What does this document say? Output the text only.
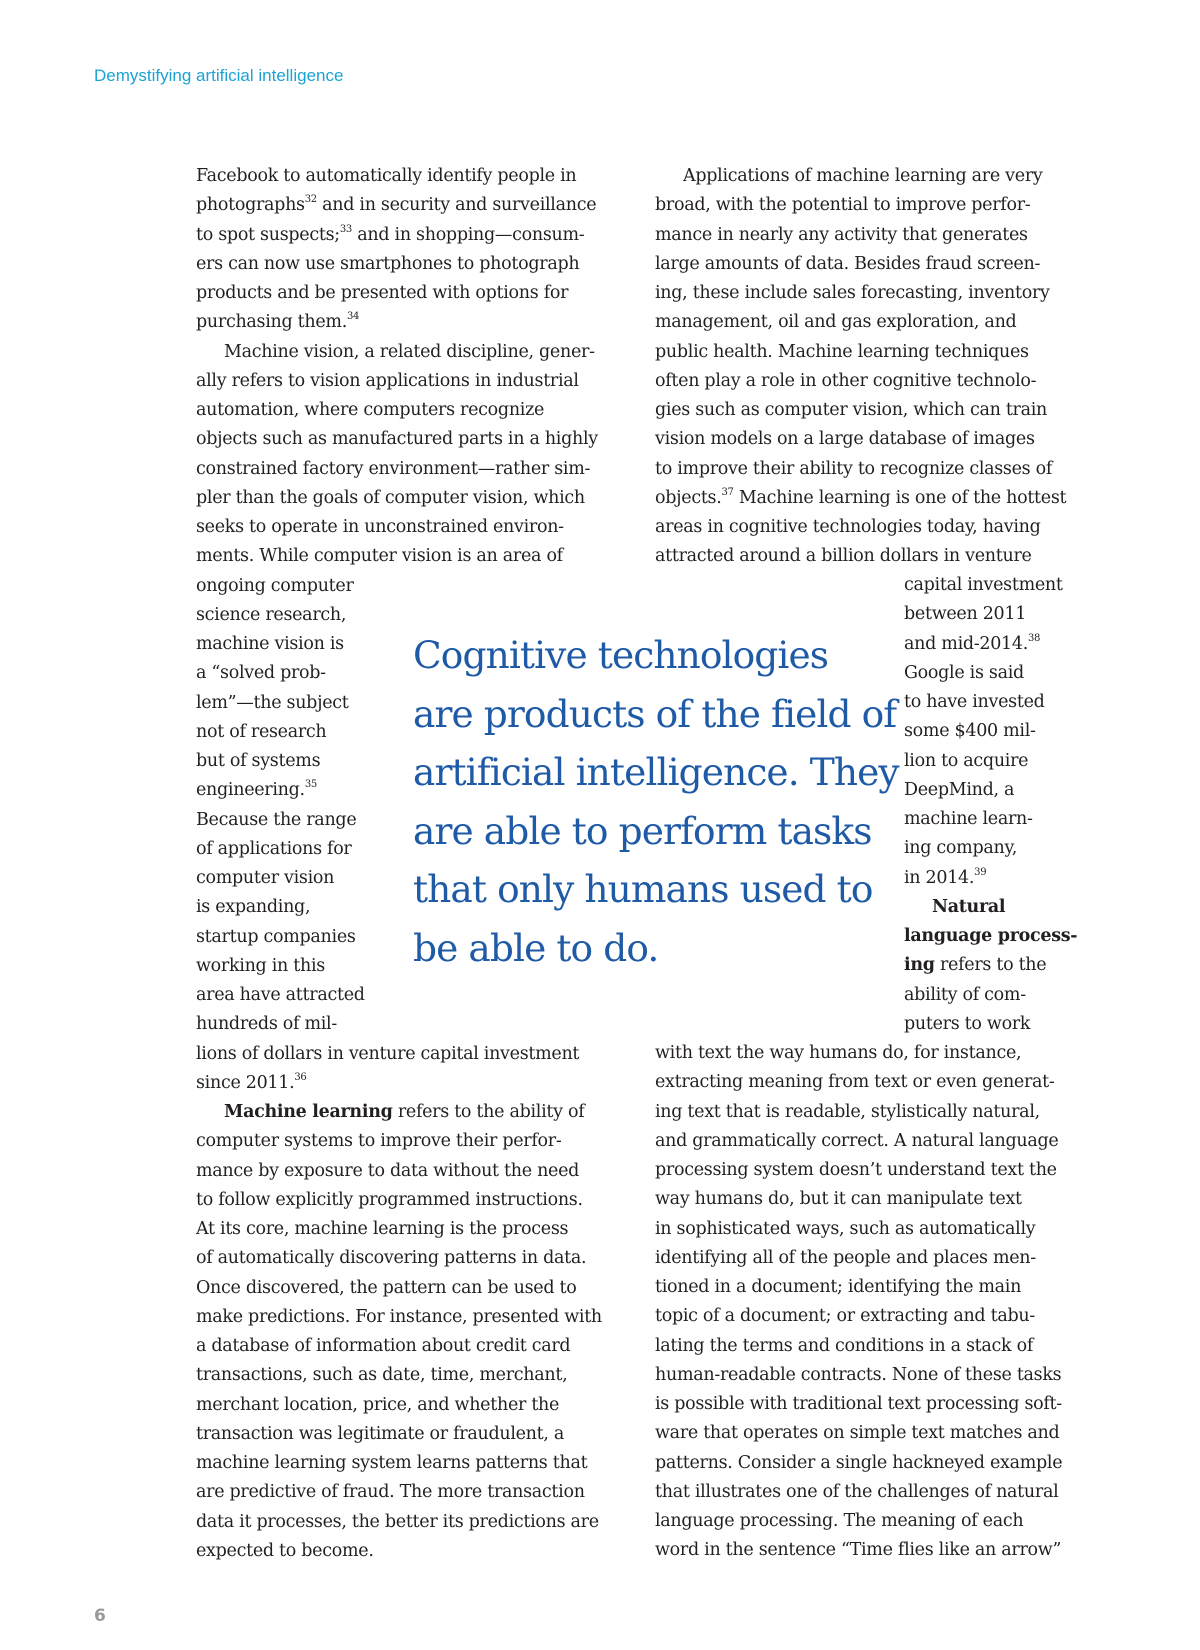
Demystifying artificial intelligence
Facebook to automatically identify people in
photographs$^{32}$ and in security and surveillance
to spot suspects;$^{33}$ and in shopping—consum-
ers can now use smartphones to photograph
products and be presented with options for
purchasing them.$^{34}$
Machine vision, a related discipline, gener-
ally refers to vision applications in industrial
automation, where computers recognize
objects such as manufactured parts in a highly
constrained factory environment—rather sim-
pler than the goals of computer vision, which
seeks to operate in unconstrained environ-
ments. While computer vision is an area of
ongoing computer
science research,
machine vision is
a “solved prob-
lem”—the subject
not of research
but of systems
engineering.$^{35}$
Because the range
of applications for
computer vision
is expanding,
startup companies
working in this
area have attracted
hundreds of mil-
lions of dollars in venture capital investment
since 2011.36
Machine learning refers to the ability of
computer systems to improve their perfor-
mance by exposure to data without the need
to follow explicitly programmed instructions.
At its core, machine learning is the process
of automatically discovering patterns in data.
Once discovered, the pattern can be used to
make predictions. For instance, presented with
a database of information about credit card
transactions, such as date, time, merchant,
merchant location, price, and whether the
transaction was legitimate or fraudulent, a
machine learning system learns patterns that
are predictive of fraud. The more transaction
data it processes, the better its predictions are
expected to become.
Applications of machine learning are very
broad, with the potential to improve perfor-
mance in nearly any activity that generates
large amounts of data. Besides fraud screen-
ing, these include sales forecasting, inventory
management, oil and gas exploration, and
public health. Machine learning techniques
often play a role in other cognitive technolo-
gies such as computer vision, which can train
vision models on a large database of images
to improve their ability to recognize classes of
objects.$^{37}$ Machine learning is one of the hottest
areas in cognitive technologies today, having
attracted around a billion dollars in venture
capital investment
between 2011
and mid-2014.38
Google is said
to have invested
some $400 mil-
lion to acquire
DeepMind, a
machine learn-
ing company,
in 2014.39
Natural
language process-
ing refers to the
ability of com-
puters to work
with text the way humans do, for instance,
extracting meaning from text or even generat-
ing text that is readable, stylistically natural,
and grammatically correct. A natural language
processing system doesn’t understand text the
way humans do, but it can manipulate text
in sophisticated ways, such as automatically
identifying all of the people and places men-
tioned in a document; identifying the main
topic of a document; or extracting and tabu-
lating the terms and conditions in a stack of
human-readable contracts. None of these tasks
is possible with traditional text processing soft-
ware that operates on simple text matches and
patterns. Consider a single hackneyed example
that illustrates one of the challenges of natural
language processing. The meaning of each
word in the sentence “Time flies like an arrow”
Cognitive technologies
are products of the field of
artificial intelligence. They
are able to perform tasks
that only humans used to
be able to do.
6
